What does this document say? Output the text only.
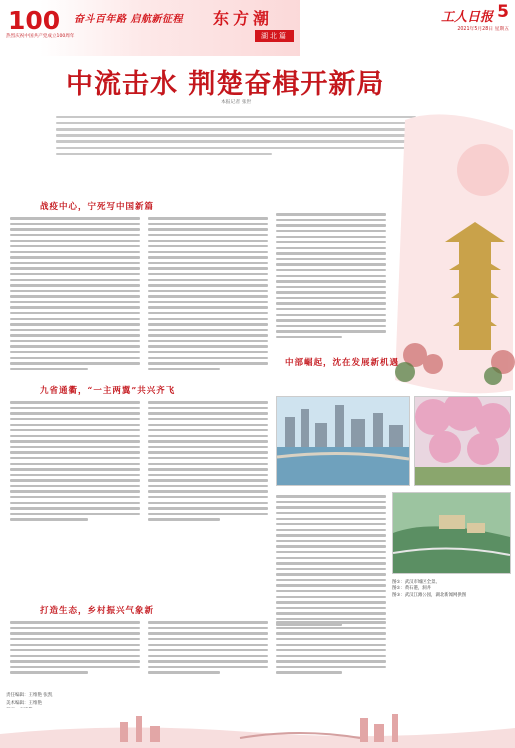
100 奋斗百年路 启航新征程
热烈庆祝中国共产党成立100周年
东方潮
湖北篇
工人日报 5
2021年5月28日 星期五
中流击水 荆楚奋楫开新局
本报记者 张世
战疫中心，宁死写中国新篇
中部崛起，沈在发展新机遇
九省通衢，“一主两翼”共兴齐飞
图①：武汉市城区全景。
图②：黄石港，洞井
图③：武汉江滩公园，湖北新闻网供图
打造生态，乡村振兴气象新
责任编辑：王维艳 张凯
美术编辑：王维艳
